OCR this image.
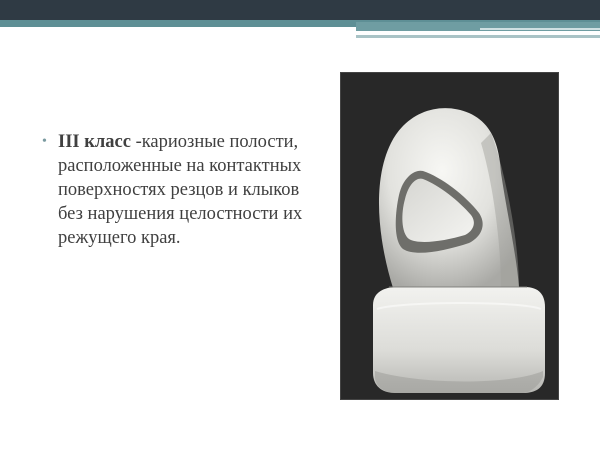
• III класс -кариозные полости, расположенные на контактных поверхностях резцов и клыков без нарушения целостности их режущего края.
